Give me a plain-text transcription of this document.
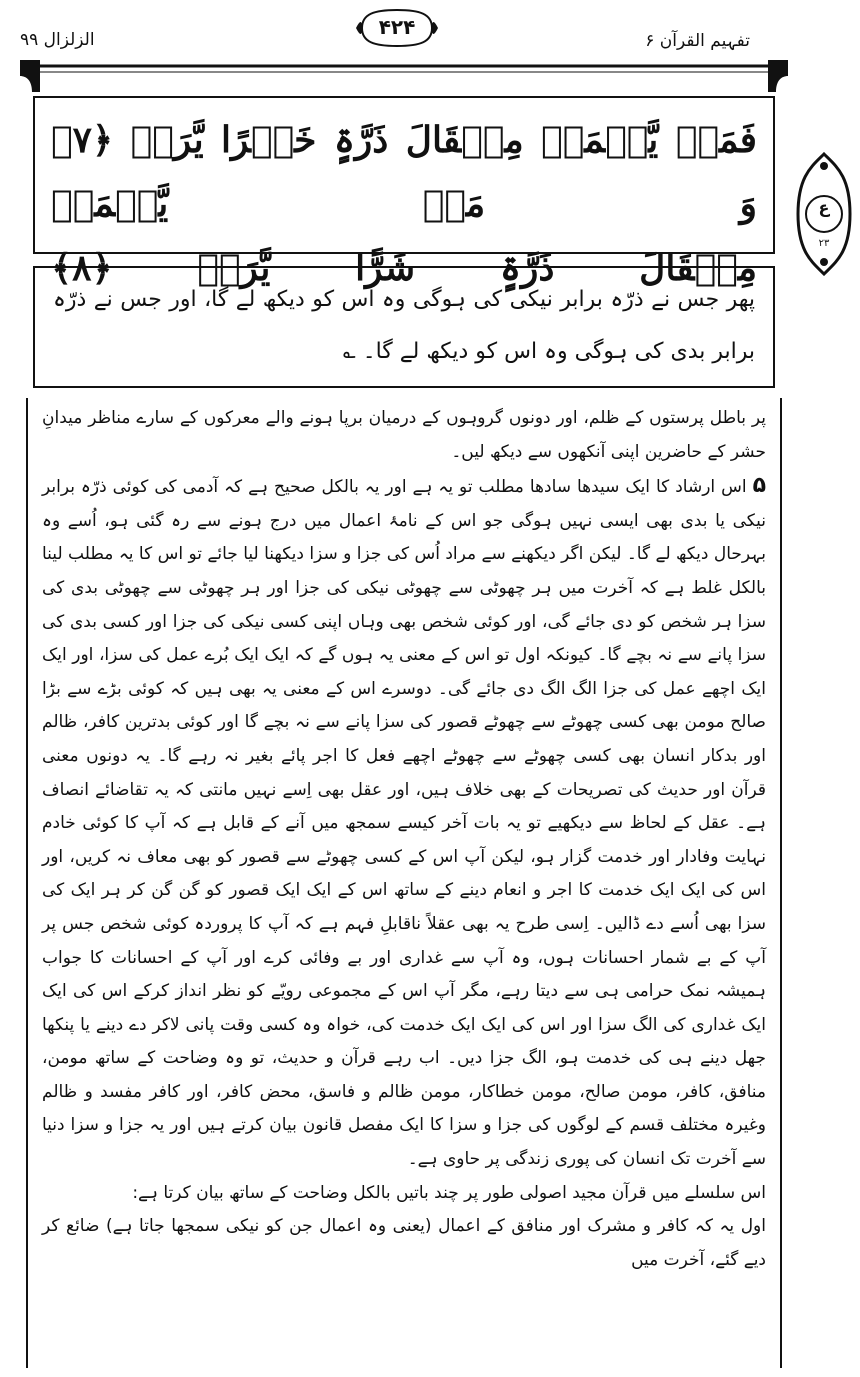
تفہیم القرآن ۶
الزلزال ۹۹
۴۲۴
فَمَنۡ یَّعۡمَلۡ مِثۡقَالَ ذَرَّۃٍ خَیۡرًا یَّرَہٗ ﴿۷﴾ وَ مَنۡ یَّعۡمَلۡ
مِثۡقَالَ ذَرَّۃٍ شَرًّا یَّرَہٗ ﴿۸﴾
ع
٢٣

پھر جس نے ذرّہ برابر نیکی کی ہوگی وہ اس کو دیکھ لے گا، اور جس نے ذرّہ برابر بدی کی ہوگی وہ اس کو دیکھ لے گا۔ ؎

پر باطل پرستوں کے ظلم، اور دونوں گروہوں کے درمیان برپا ہونے والے معرکوں کے سارے مناظر میدانِ حشر کے حاضرین اپنی آنکھوں سے دیکھ لیں۔

۵ اس ارشاد کا ایک سیدھا سادھا مطلب تو یہ ہے اور یہ بالکل صحیح ہے کہ آدمی کی کوئی ذرّہ برابر نیکی یا بدی بھی ایسی نہیں ہوگی جو اس کے نامۂ اعمال میں درج ہونے سے رہ گئی ہو، اُسے وہ بہرحال دیکھ لے گا۔ لیکن اگر دیکھنے سے مراد اُس کی جزا و سزا دیکھنا لیا جائے تو اس کا یہ مطلب لینا بالکل غلط ہے کہ آخرت میں ہر چھوٹی سے چھوٹی نیکی کی جزا اور ہر چھوٹی سے چھوٹی بدی کی سزا ہر شخص کو دی جائے گی، اور کوئی شخص بھی وہاں اپنی کسی نیکی کی جزا اور کسی بدی کی سزا پانے سے نہ بچے گا۔ کیونکہ اول تو اس کے معنی یہ ہوں گے کہ ایک ایک بُرے عمل کی سزا، اور ایک ایک اچھے عمل کی جزا الگ الگ دی جائے گی۔ دوسرے اس کے معنی یہ بھی ہیں کہ کوئی بڑے سے بڑا صالح مومن بھی کسی چھوٹے سے چھوٹے قصور کی سزا پانے سے نہ بچے گا اور کوئی بدترین کافر، ظالم اور بدکار انسان بھی کسی چھوٹے سے چھوٹے اچھے فعل کا اجر پائے بغیر نہ رہے گا۔ یہ دونوں معنی قرآن اور حدیث کی تصریحات کے بھی خلاف ہیں، اور عقل بھی اِسے نہیں مانتی کہ یہ تقاضائے انصاف ہے۔ عقل کے لحاظ سے دیکھیے تو یہ بات آخر کیسے سمجھ میں آنے کے قابل ہے کہ آپ کا کوئی خادم نہایت وفادار اور خدمت گزار ہو، لیکن آپ اس کے کسی چھوٹے سے قصور کو بھی معاف نہ کریں، اور اس کی ایک ایک خدمت کا اجر و انعام دینے کے ساتھ اس کے ایک ایک قصور کو گن گن کر ہر ایک کی سزا بھی اُسے دے ڈالیں۔ اِسی طرح یہ بھی عقلاً ناقابلِ فہم ہے کہ آپ کا پروردہ کوئی شخص جس پر آپ کے بے شمار احسانات ہوں، وہ آپ سے غداری اور بے وفائی کرے اور آپ کے احسانات کا جواب ہمیشہ نمک حرامی ہی سے دیتا رہے، مگر آپ اس کے مجموعی رویّے کو نظر انداز کرکے اس کی ایک ایک غداری کی الگ سزا اور اس کی ایک ایک خدمت کی، خواہ وہ کسی وقت پانی لاکر دے دینے یا پنکھا جھل دینے ہی کی خدمت ہو، الگ جزا دیں۔ اب رہے قرآن و حدیث، تو وہ وضاحت کے ساتھ مومن، منافق، کافر، مومن صالح، مومن خطاکار، مومن ظالم و فاسق، محض کافر، اور کافر مفسد و ظالم وغیرہ مختلف قسم کے لوگوں کی جزا و سزا کا ایک مفصل قانون بیان کرتے ہیں اور یہ جزا و سزا دنیا سے آخرت تک انسان کی پوری زندگی پر حاوی ہے۔

اس سلسلے میں قرآن مجید اصولی طور پر چند باتیں بالکل وضاحت کے ساتھ بیان کرتا ہے:

اول یہ کہ کافر و مشرک اور منافق کے اعمال (یعنی وہ اعمال جن کو نیکی سمجھا جاتا ہے) ضائع کر دیے گئے، آخرت میں
